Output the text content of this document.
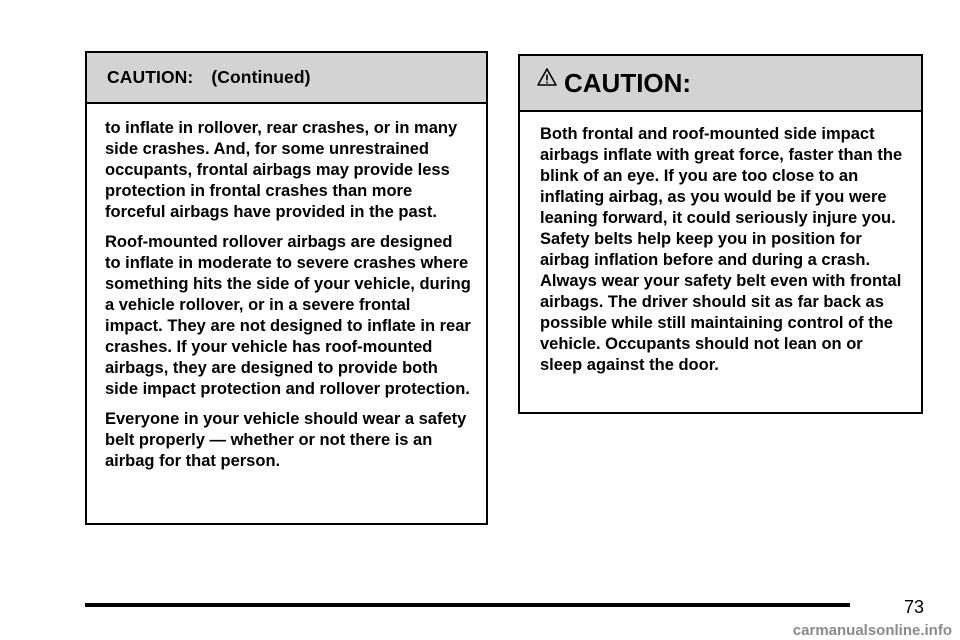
CAUTION: (Continued)

to inflate in rollover, rear crashes, or in many side crashes. And, for some unrestrained occupants, frontal airbags may provide less protection in frontal crashes than more forceful airbags have provided in the past.

Roof-mounted rollover airbags are designed to inflate in moderate to severe crashes where something hits the side of your vehicle, during a vehicle rollover, or in a severe frontal impact. They are not designed to inflate in rear crashes. If your vehicle has roof-mounted airbags, they are designed to provide both side impact protection and rollover protection.

Everyone in your vehicle should wear a safety belt properly — whether or not there is an airbag for that person.

CAUTION:

Both frontal and roof-mounted side impact airbags inflate with great force, faster than the blink of an eye. If you are too close to an inflating airbag, as you would be if you were leaning forward, it could seriously injure you. Safety belts help keep you in position for airbag inflation before and during a crash. Always wear your safety belt even with frontal airbags. The driver should sit as far back as possible while still maintaining control of the vehicle. Occupants should not lean on or sleep against the door.

73
carmanualsonline.info
